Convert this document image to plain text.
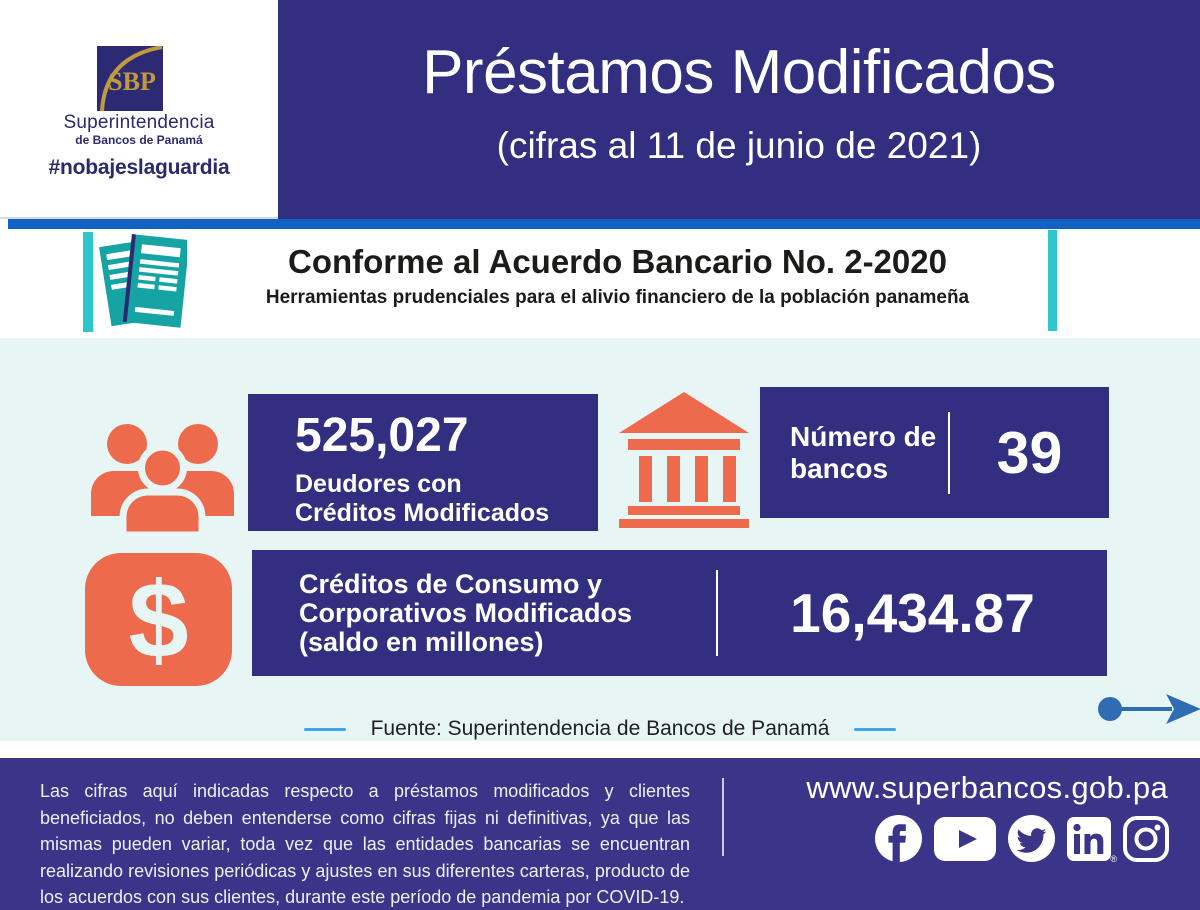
Préstamos Modificados
(cifras al 11 de junio de 2021)
SBP
Superintendencia
de Bancos de Panamá
#nobajeslaguardia
Conforme al Acuerdo Bancario No. 2-2020
Herramientas prudenciales para el alivio financiero de la población panameña
525,027
Deudores con
Créditos Modificados
Número de
bancos	39
$	Créditos de Consumo y
Corporativos Modificados
(saldo en millones)	16,434.87
Fuente: Superintendencia de Bancos de Panamá

Las cifras aquí indicadas respecto a préstamos modificados y clientes beneficiados, no deben entenderse como cifras fijas ni definitivas, ya que las mismas pueden variar, toda vez que las entidades bancarias se encuentran realizando revisiones periódicas y ajustes en sus diferentes carteras, producto de los acuerdos con sus clientes, durante este período de pandemia por COVID-19.

www.superbancos.gob.pa
®
